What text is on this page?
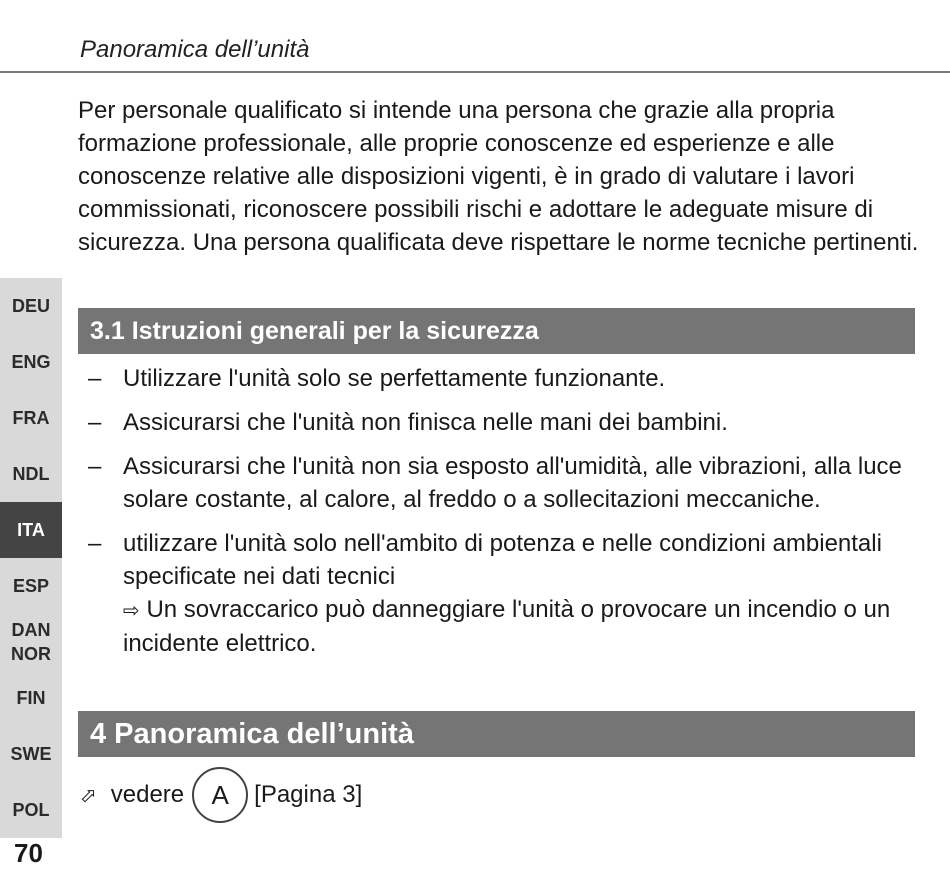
Panoramica dell’unità

Per personale qualificato si intende una persona che grazie alla propria formazione professionale, alle proprie conoscenze ed esperienze e alle conoscenze relative alle disposizioni vigenti, è in grado di valutare i lavori commissionati, riconoscere possibili rischi e adottare le adeguate misure di sicurezza. Una persona qualificata deve rispettare le norme tecniche pertinenti.

3.1 Istruzioni generali per la sicurezza
– Utilizzare l'unità solo se perfettamente funzionante.
– Assicurarsi che l'unità non finisca nelle mani dei bambini.
– Assicurarsi che l'unità non sia esposto all'umidità, alle vibrazioni, alla luce solare costante, al calore, al freddo o a sollecitazioni meccaniche.
– utilizzare l'unità solo nell'ambito di potenza e nelle condizioni ambientali specificate nei dati tecnici
⇨ Un sovraccarico può danneggiare l'unità o provocare un incendio o un incidente elettrico.
4 Panoramica dell’unità
⬀ vedere	A	[Pagina 3]
DEU
ENG
FRA
NDL
ITA
ESP
DAN
NOR
FIN
SWE
POL
70
